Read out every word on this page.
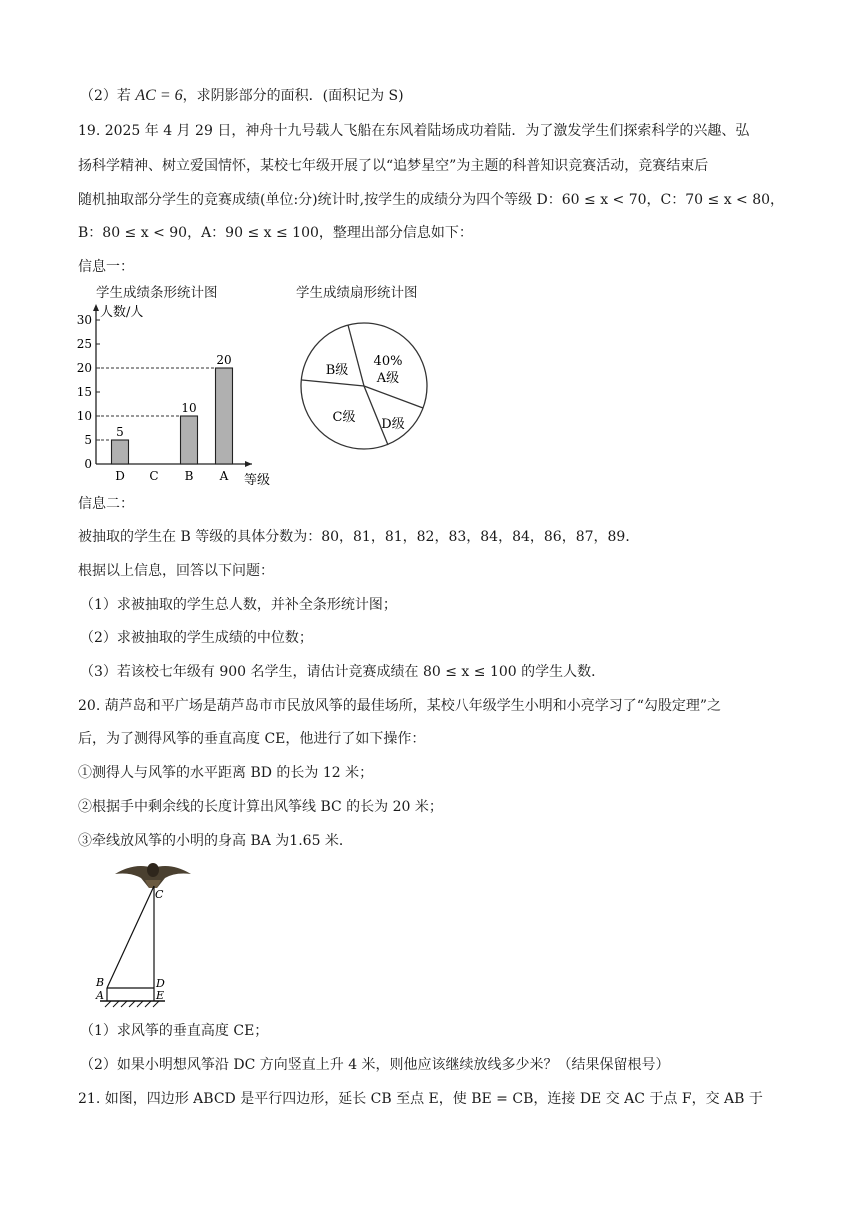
（2）若 AC = 6，求阴影部分的面积．(面积记为 S)
19. 2025 年 4 月 29 日，神舟十九号载人飞船在东风着陆场成功着陆．为了激发学生们探索科学的兴趣、弘
扬科学精神、树立爱国情怀，某校七年级开展了以“追梦星空”为主题的科普知识竞赛活动，竞赛结束后
随机抽取部分学生的竞赛成绩(单位:分)统计时,按学生的成绩分为四个等级 D：60 ≤ x < 70，C：70 ≤ x < 80，
B：80 ≤ x < 90，A：90 ≤ x ≤ 100，整理出部分信息如下：
信息一：
学生成绩条形统计图
0
5
10
15
20
25
30 人数/人
等级
D
5
C B
10
A
20
学生成绩扇形统计图
40%
A级
D级
C级
B级
信息二：
被抽取的学生在 B 等级的具体分数为：80，81，81，82，83，84，84，86，87，89．
根据以上信息，回答以下问题：
（1）求被抽取的学生总人数，并补全条形统计图；
（2）求被抽取的学生成绩的中位数；
（3）若该校七年级有 900 名学生，请估计竞赛成绩在 80 ≤ x ≤ 100 的学生人数．
20. 葫芦岛和平广场是葫芦岛市市民放风筝的最佳场所，某校八年级学生小明和小亮学习了“勾股定理”之
后，为了测得风筝的垂直高度 CE，他进行了如下操作：
①测得人与风筝的水平距离 BD 的长为 12 米；
②根据手中剩余线的长度计算出风筝线 BC 的长为 20 米；
③牵线放风筝的小明的身高 BA 为1.65 米．
C
B	D
A	E
（1）求风筝的垂直高度 CE；
（2）如果小明想风筝沿 DC 方向竖直上升 4 米，则他应该继续放线多少米？（结果保留根号）
21. 如图，四边形 ABCD 是平行四边形，延长 CB 至点 E，使 BE = CB，连接 DE 交 AC 于点 F，交 AB 于
